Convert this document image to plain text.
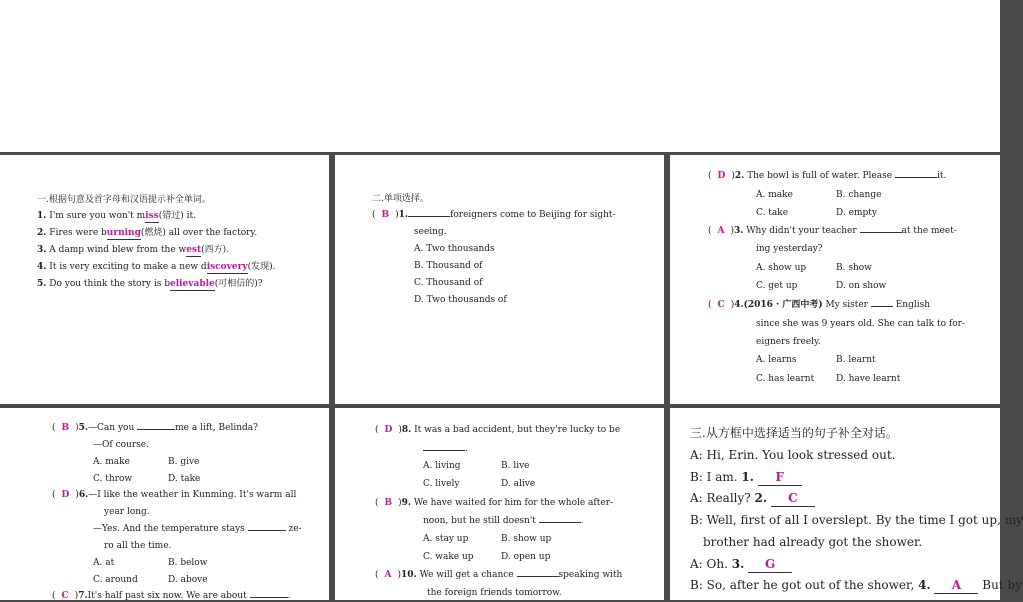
一.根据句意及首字母和汉语提示补全单词。
1. I'm sure you won't miss(错过) it.
2. Fires were burning(燃烧) all over the factory.
3. A damp wind blew from the west(西方).
4. It is very exciting to make a new discovery(发现).
5. Do you think the story is believable(可相信的)?
二.单项选择。
( B )1.	foreigners come to Beijing for sight-
seeing.
A. Two thousands
B. Thousand of
C. Thousand of
D. Two thousands of
( D )2. The bowl is full of water. Please	it.
A. make	B. change
C. take	D. empty
( A )3. Why didn't your teacher	at the meet-
ing yesterday?
A. show up	B. show
C. get up	D. on show
( C )4.(2016 · 广西中考) My sister	English
since she was 9 years old. She can talk to for-
eigners freely.
A. learns	B. learnt
C. has learnt D. have learnt
( B )5.—Can you	me a lift, Belinda?
—Of course.
A. make	B. give
C. throw	D. take
( D )6.—I like the weather in Kunming. It's warm all
year long.
—Yes. And the temperature stays	ze-
ro all the time.
A. at	B. below
C. around	D. above
( C )7.It's half past six now. We are about	.
( D )8. It was a bad accident, but they're lucky to be
.
A. living	B. live
C. lively	D. alive
( B )9. We have waited for him for the whole after-
noon, but he still doesn't	.
A. stay up	B. show up
C. wake up	D. open up
( A )10. We will get a chance	speaking with
the foreign friends tomorrow.
三.从方框中选择适当的句子补全对话。
A: Hi, Erin. You look stressed out.
B: I am. 1. F
A: Really? 2. C
B: Well, first of all I overslept. By the time I got up, my
brother had already got the shower.
A: Oh. 3. G
B: So, after he got out of the shower, 4. A But by
